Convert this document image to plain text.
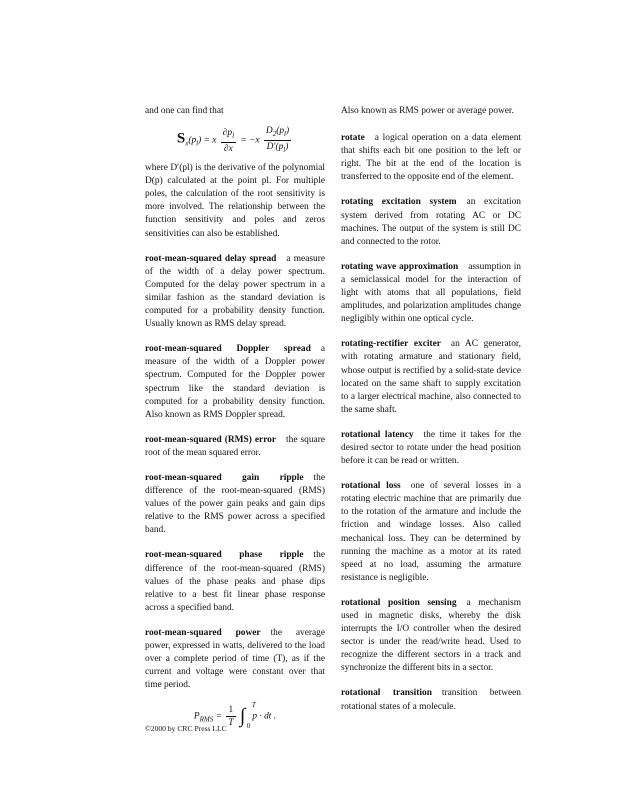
and one can find that

$S_x(p_l) = x \frac{\partial p_l}{\partial x} = -x \frac{D_2(p_l)}{D'(p_l)}$

where D′(pl) is the derivative of the polynomial D(p) calculated at the point pl. For multiple poles, the calculation of the root sensitivity is more involved. The relationship between the function sensitivity and poles and zeros sensitivities can also be established.

root-mean-squared delay spread a measure of the width of a delay power spectrum. Computed for the delay power spectrum in a similar fashion as the standard deviation is computed for a probability density function. Usually known as RMS delay spread.

root-mean-squared Doppler spread a measure of the width of a Doppler power spectrum. Computed for the Doppler power spectrum like the standard deviation is computed for a probability density function. Also known as RMS Doppler spread.

root-mean-squared (RMS) error the square root of the mean squared error.

root-mean-squared gain ripple the difference of the root-mean-squared (RMS) values of the power gain peaks and gain dips relative to the RMS power across a specified band.

root-mean-squared phase ripple the difference of the root-mean-squared (RMS) values of the phase peaks and phase dips relative to a best fit linear phase response across a specified band.

root-mean-squared power the average power, expressed in watts, delivered to the load over a complete period of time (T), as if the current and voltage were constant over that time period.

$P_{RMS} = \frac{1}{T}$ ∫ T
0
p · dt .

Also known as RMS power or average power.

rotate a logical operation on a data element that shifts each bit one position to the left or right. The bit at the end of the location is transferred to the opposite end of the element.

rotating excitation system an excitation system derived from rotating AC or DC machines. The output of the system is still DC and connected to the rotor.

rotating wave approximation assumption in a semiclassical model for the interaction of light with atoms that all populations, field amplitudes, and polarization amplitudes change negligibly within one optical cycle.

rotating-rectifier exciter an AC generator, with rotating armature and stationary field, whose output is rectified by a solid-state device located on the same shaft to supply excitation to a larger electrical machine, also connected to the same shaft.

rotational latency the time it takes for the desired sector to rotate under the head position before it can be read or written.

rotational loss one of several losses in a rotating electric machine that are primarily due to the rotation of the armature and include the friction and windage losses. Also called mechanical loss. They can be determined by running the machine as a motor at its rated speed at no load, assuming the armature resistance is negligible.

rotational position sensing a mechanism used in magnetic disks, whereby the disk interrupts the I/O controller when the desired sector is under the read/write head. Used to recognize the different sectors in a track and synchronize the different bits in a sector.

rotational transition transition between rotational states of a molecule.

©2000 by CRC Press LLC
